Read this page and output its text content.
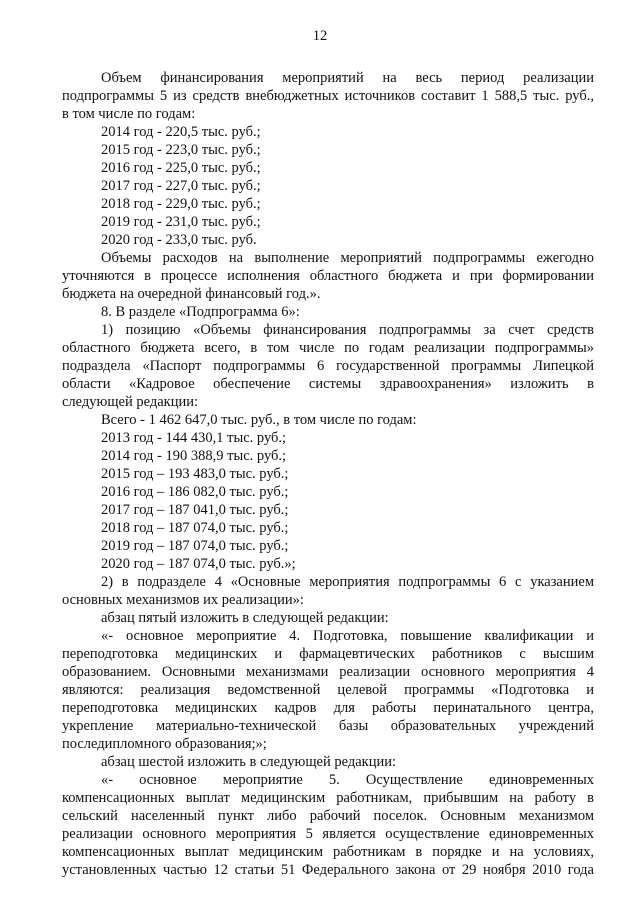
12
Объем финансирования мероприятий на весь период реализации
подпрограммы 5 из средств внебюджетных источников составит 1 588,5 тыс. руб.,
в том числе по годам:
2014 год - 220,5 тыс. руб.;
2015 год - 223,0 тыс. руб.;
2016 год - 225,0 тыс. руб.;
2017 год - 227,0 тыс. руб.;
2018 год - 229,0 тыс. руб.;
2019 год - 231,0 тыс. руб.;
2020 год - 233,0 тыс. руб.
Объемы расходов на выполнение мероприятий подпрограммы ежегодно
уточняются в процессе исполнения областного бюджета и при формировании
бюджета на очередной финансовый год.».
8. В разделе «Подпрограмма 6»:
1) позицию «Объемы финансирования подпрограммы за счет средств
областного бюджета всего, в том числе по годам реализации подпрограммы»
подраздела «Паспорт подпрограммы 6 государственной программы Липецкой
области «Кадровое обеспечение системы здравоохранения» изложить в
следующей редакции:
Всего - 1 462 647,0 тыс. руб., в том числе по годам:
2013 год - 144 430,1 тыс. руб.;
2014 год - 190 388,9 тыс. руб.;
2015 год – 193 483,0 тыс. руб.;
2016 год – 186 082,0 тыс. руб.;
2017 год – 187 041,0 тыс. руб.;
2018 год – 187 074,0 тыс. руб.;
2019 год – 187 074,0 тыс. руб.;
2020 год – 187 074,0 тыс. руб.»;
2) в подразделе 4 «Основные мероприятия подпрограммы 6 с указанием
основных механизмов их реализации»:
абзац пятый изложить в следующей редакции:
«- основное мероприятие 4. Подготовка, повышение квалификации и
переподготовка медицинских и фармацевтических работников с высшим
образованием. Основными механизмами реализации основного мероприятия 4
являются: реализация ведомственной целевой программы «Подготовка и
переподготовка медицинских кадров для работы перинатального центра,
укрепление материально-технической базы образовательных учреждений
последипломного образования;»;
абзац шестой изложить в следующей редакции:
«- основное мероприятие 5. Осуществление единовременных
компенсационных выплат медицинским работникам, прибывшим на работу в
сельский населенный пункт либо рабочий поселок. Основным механизмом
реализации основного мероприятия 5 является осуществление единовременных
компенсационных выплат медицинским работникам в порядке и на условиях,
установленных частью 12 статьи 51 Федерального закона от 29 ноября 2010 года
